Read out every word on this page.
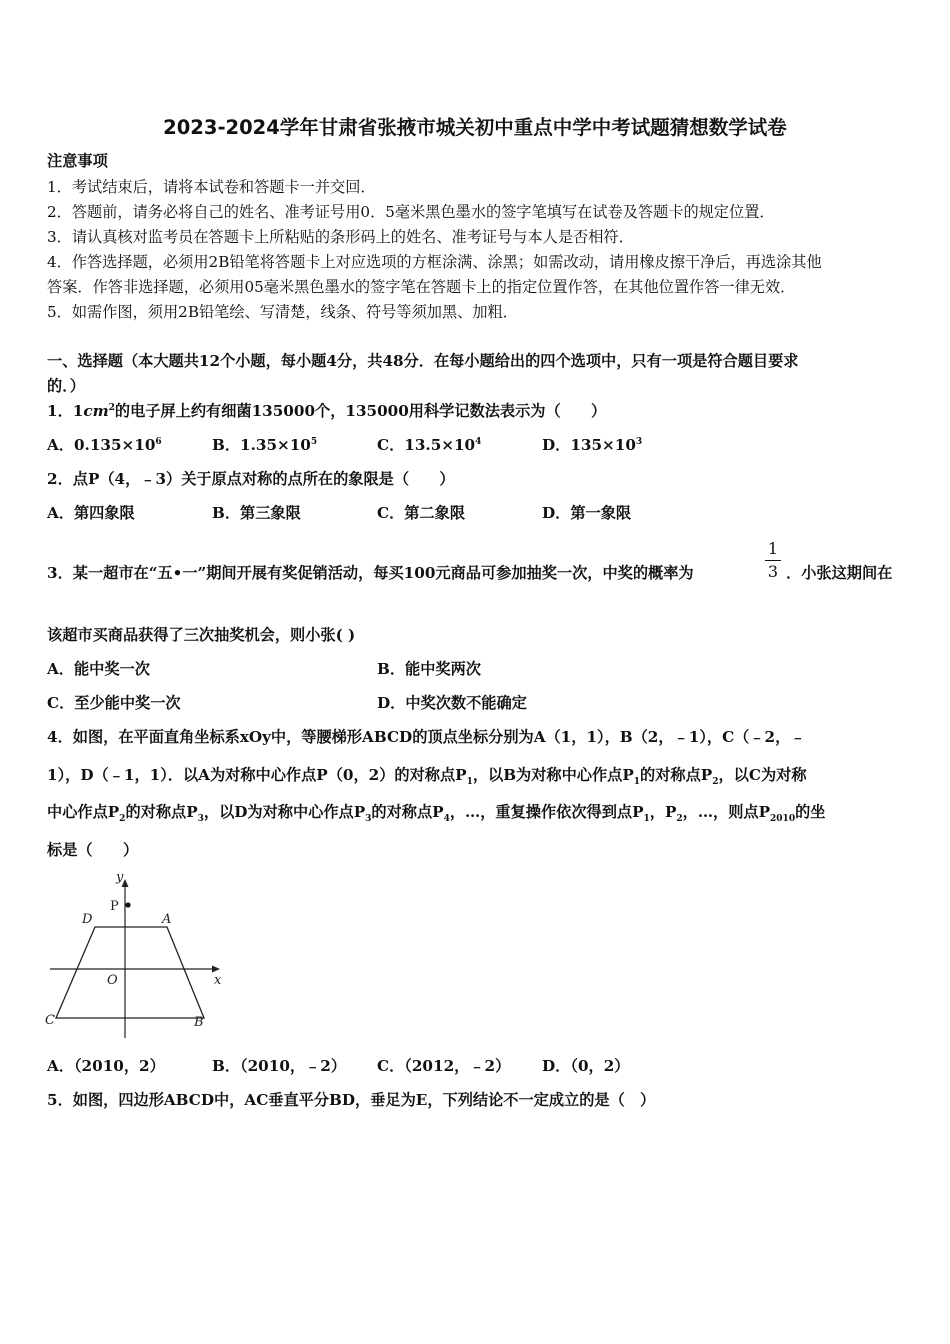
2023-2024学年甘肃省张掖市城关初中重点中学中考试题猜想数学试卷
注意事项
1．考试结束后，请将本试卷和答题卡一并交回．
2．答题前，请务必将自己的姓名、准考证号用0．5毫米黑色墨水的签字笔填写在试卷及答题卡的规定位置．
3．请认真核对监考员在答题卡上所粘贴的条形码上的姓名、准考证号与本人是否相符．
4．作答选择题，必须用2B铅笔将答题卡上对应选项的方框涂满、涂黑；如需改动，请用橡皮擦干净后，再选涂其他
答案．作答非选择题，必须用05毫米黑色墨水的签字笔在答题卡上的指定位置作答，在其他位置作答一律无效．
5．如需作图，须用2B铅笔绘、写清楚，线条、符号等须加黑、加粗．
一、选择题（本大题共12个小题，每小题4分，共48分．在每小题给出的四个选项中，只有一项是符合题目要求
的．）
1．$1cm^2$的电子屏上约有细菌135000个，135000用科学记数法表示为（　　）
A．$0.135\times 10^6$	B．$1.35\times 10^5$	C．$13.5\times 10^4$	D．$135\times 10^3$
2．点P（4，﹣3）关于原点对称的点所在的象限是（　　）
A．第四象限	B．第三象限	C．第二象限	D．第一象限
3．某一超市在“五•一”期间开展有奖促销活动，每买100元商品可参加抽奖一次，中奖的概率为
1
3 ．小张这期间在
该超市买商品获得了三次抽奖机会，则小张( )
A．能中奖一次	B．能中奖两次
C．至少能中奖一次	D．中奖次数不能确定
4．如图，在平面直角坐标系xOy中，等腰梯形ABCD的顶点坐标分别为A（1，1），B（2，﹣1），C（﹣2，﹣
1），D（﹣1，1）．以A为对称中心作点P（0，2）的对称点$P_1$，以B为对称中心作点$P_1$的对称点$P_2$，以C为对称
中心作点$P_2$的对称点$P_3$，以D为对称中心作点$P_3$的对称点$P_4$，…，重复操作依次得到点$P_1$，$P_2$，…，则点$P_{2010}$的坐
标是（　　）
y
P
D	A
O	x
C	B
A．（2010，2）	B．（2010，﹣2） C．（2012，﹣2） D．（0，2）
5．如图，四边形ABCD中，AC垂直平分BD，垂足为E，下列结论不一定成立的是（　）
